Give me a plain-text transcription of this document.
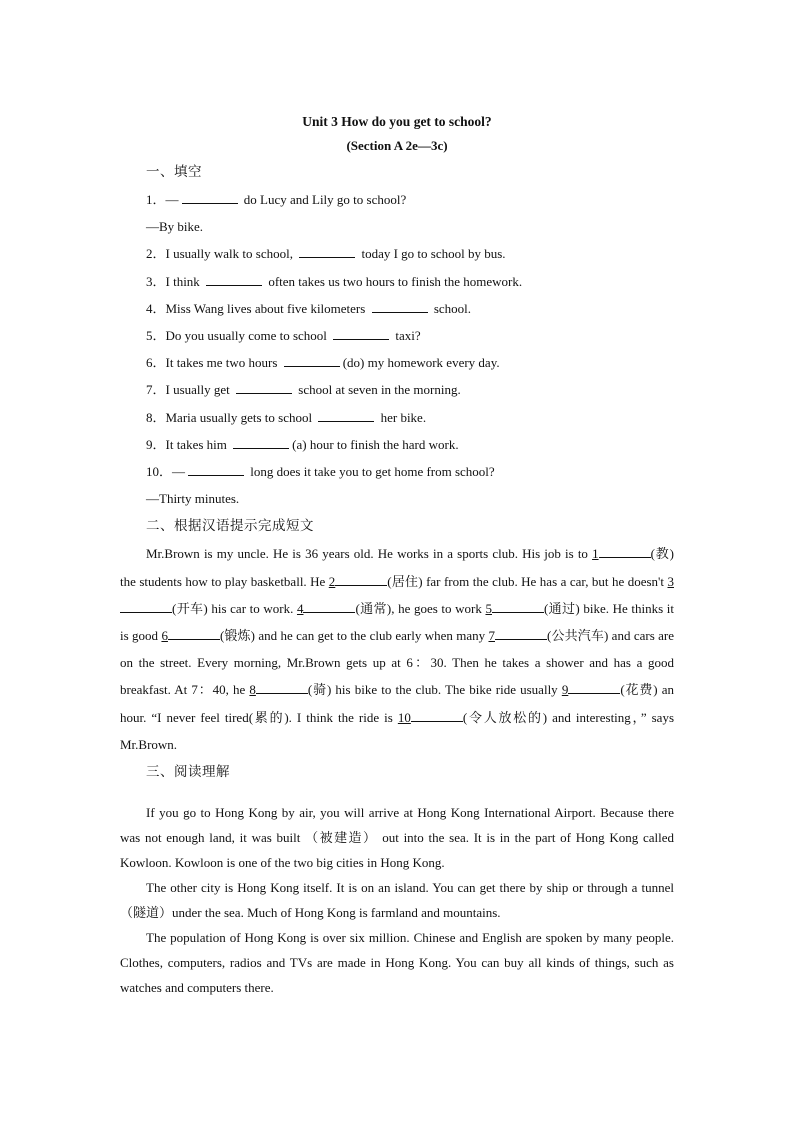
Unit 3 How do you get to school?

(Section A 2e—3c)

一、填空

1．—	do Lucy and Lily go to school?

—By bike.

2．I usually walk to school,	today I go to school by bus.

3．I think	often takes us two hours to finish the homework.

4．Miss Wang lives about five kilometers	school.

5．Do you usually come to school	taxi?

6．It takes me two hours	(do) my homework every day.

7．I usually get	school at seven in the morning.

8．Maria usually gets to school	her bike.

9．It takes him	(a) hour to finish the hard work.

10．—	long does it take you to get home from school?

—Thirty minutes.

二、根据汉语提示完成短文

Mr.Brown is my uncle. He is 36 years old. He works in a sports club. His job is to 1	(教) the students how to play basketball. He 2	(居住) far from the club. He has a car, but he doesn't 3(开车) his car to work. 4	(通常), he goes to work 5	(通过) bike. He thinks it is good 6	(锻炼) and he can get to the club early when many 7	(公共汽车) and cars are on the street. Every morning, Mr.Brown gets up at 6：30. Then he takes a shower and has a good breakfast. At 7：40, he 8	(骑) his bike to the club. The bike ride usually 9	(花费) an hour. “I never feel tired(累的). I think the ride is 10	(令人放松的) and interesting，” says Mr.Brown.

三、阅读理解

If you go to Hong Kong by air, you will arrive at Hong Kong International Airport. Because there was not enough land, it was built （被建造） out into the sea. It is in the part of Hong Kong called Kowloon. Kowloon is one of the two big cities in Hong Kong.

The other city is Hong Kong itself. It is on an island. You can get there by ship or through a tunnel（隧道）under the sea. Much of Hong Kong is farmland and mountains.

The population of Hong Kong is over six million. Chinese and English are spoken by many people. Clothes, computers, radios and TVs are made in Hong Kong. You can buy all kinds of things, such as watches and computers there.
